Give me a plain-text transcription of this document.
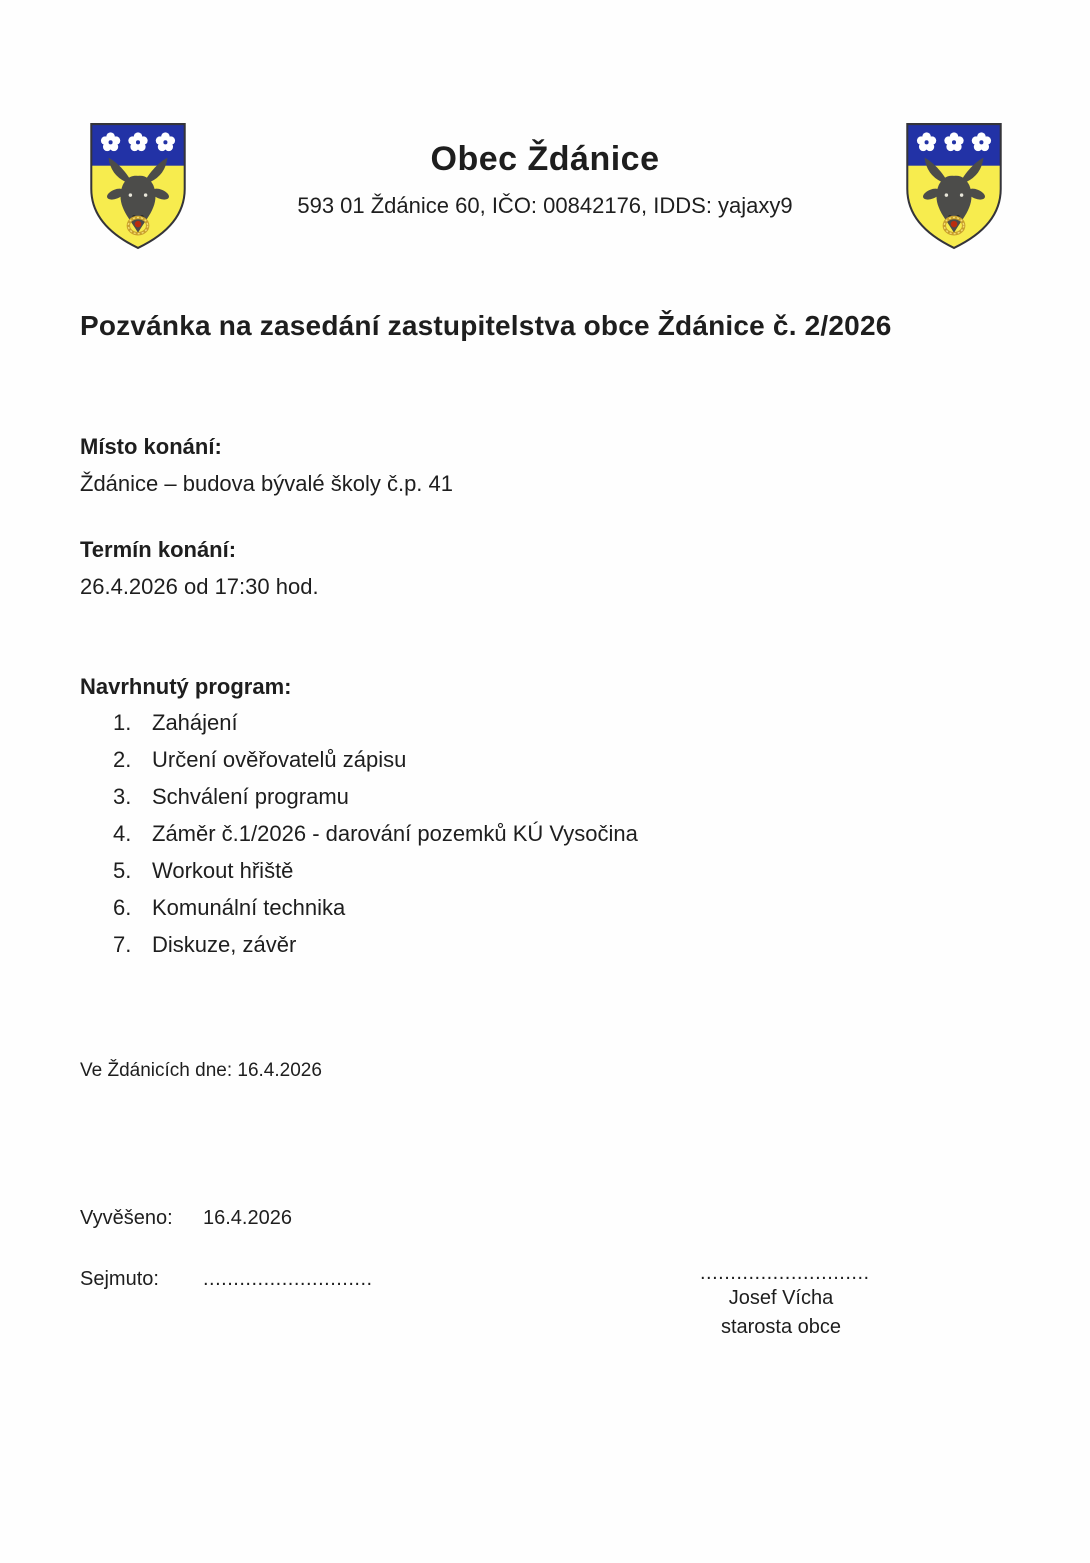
Obec Ždánice
593 01 Ždánice 60, IČO: 00842176, IDDS: yajaxy9
Pozvánka na zasedání zastupitelstva obce Ždánice č. 2/2026
Místo konání:
Ždánice – budova bývalé školy č.p. 41
Termín konání:
26.4.2026 od 17:30 hod.
Navrhnutý program:
1. Zahájení
2. Určení ověřovatelů zápisu
3. Schválení programu
4. Záměr č.1/2026 - darování pozemků KÚ Vysočina
5. Workout hřiště
6. Komunální technika
7. Diskuze, závěr
Ve Ždánicích dne: 16.4.2026
Vyvěšeno:	16.4.2026
Sejmuto:	............................	............................
Josef Vícha
starosta obce
